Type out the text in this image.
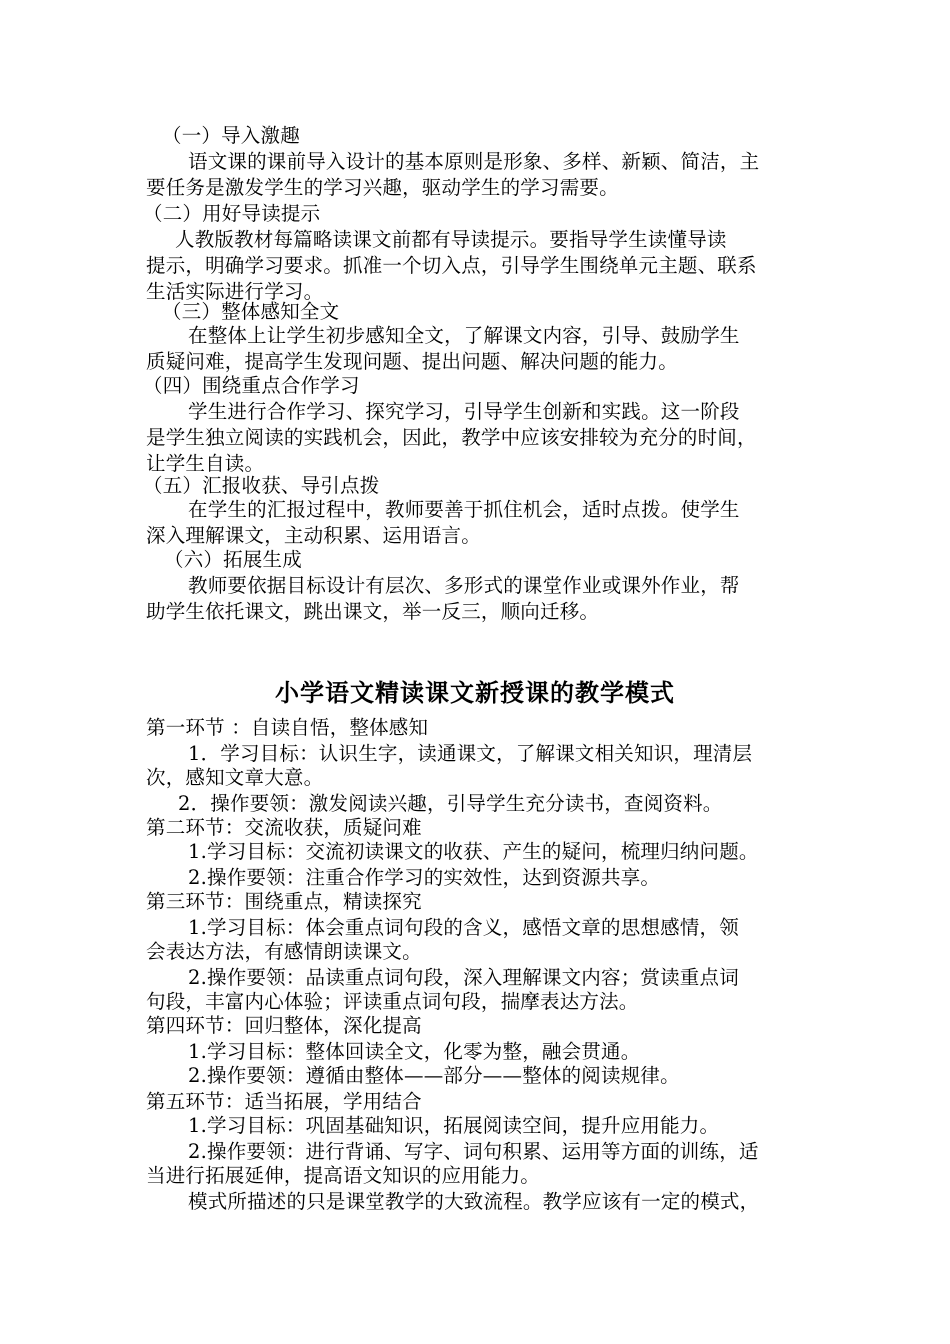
（一）导入激趣
语文课的课前导入设计的基本原则是形象、多样、新颖、简洁，主
要任务是激发学生的学习兴趣，驱动学生的学习需要。
（二）用好导读提示
人教版教材每篇略读课文前都有导读提示。要指导学生读懂导读
提示，明确学习要求。抓准一个切入点，引导学生围绕单元主题、联系
生活实际进行学习。
（三）整体感知全文
在整体上让学生初步感知全文，了解课文内容，引导、鼓励学生
质疑问难，提高学生发现问题、提出问题、解决问题的能力。
（四）围绕重点合作学习
学生进行合作学习、探究学习，引导学生创新和实践。这一阶段
是学生独立阅读的实践机会，因此，教学中应该安排较为充分的时间，
让学生自读。
（五）汇报收获、导引点拨
在学生的汇报过程中，教师要善于抓住机会，适时点拨。使学生
深入理解课文，主动积累、运用语言。
（六）拓展生成
教师要依据目标设计有层次、多形式的课堂作业或课外作业，帮
助学生依托课文，跳出课文，举一反三，顺向迁移。
小学语文精读课文新授课的教学模式
第一环节 ：自读自悟，整体感知
1．学习目标：认识生字，读通课文，了解课文相关知识，理清层
次，感知文章大意。
2．操作要领：激发阅读兴趣，引导学生充分读书，查阅资料。
第二环节：交流收获，质疑问难
1.学习目标：交流初读课文的收获、产生的疑问，梳理归纳问题。
2.操作要领：注重合作学习的实效性，达到资源共享。
第三环节：围绕重点，精读探究
1.学习目标：体会重点词句段的含义，感悟文章的思想感情，领
会表达方法，有感情朗读课文。
2.操作要领：品读重点词句段，深入理解课文内容；赏读重点词
句段，丰富内心体验；评读重点词句段，揣摩表达方法。
第四环节：回归整体，深化提高
1.学习目标：整体回读全文，化零为整，融会贯通。
2.操作要领：遵循由整体——部分——整体的阅读规律。
第五环节：适当拓展，学用结合
1.学习目标：巩固基础知识，拓展阅读空间，提升应用能力。
2.操作要领：进行背诵、写字、词句积累、运用等方面的训练，适
当进行拓展延伸，提高语文知识的应用能力。
模式所描述的只是课堂教学的大致流程。教学应该有一定的模式，
